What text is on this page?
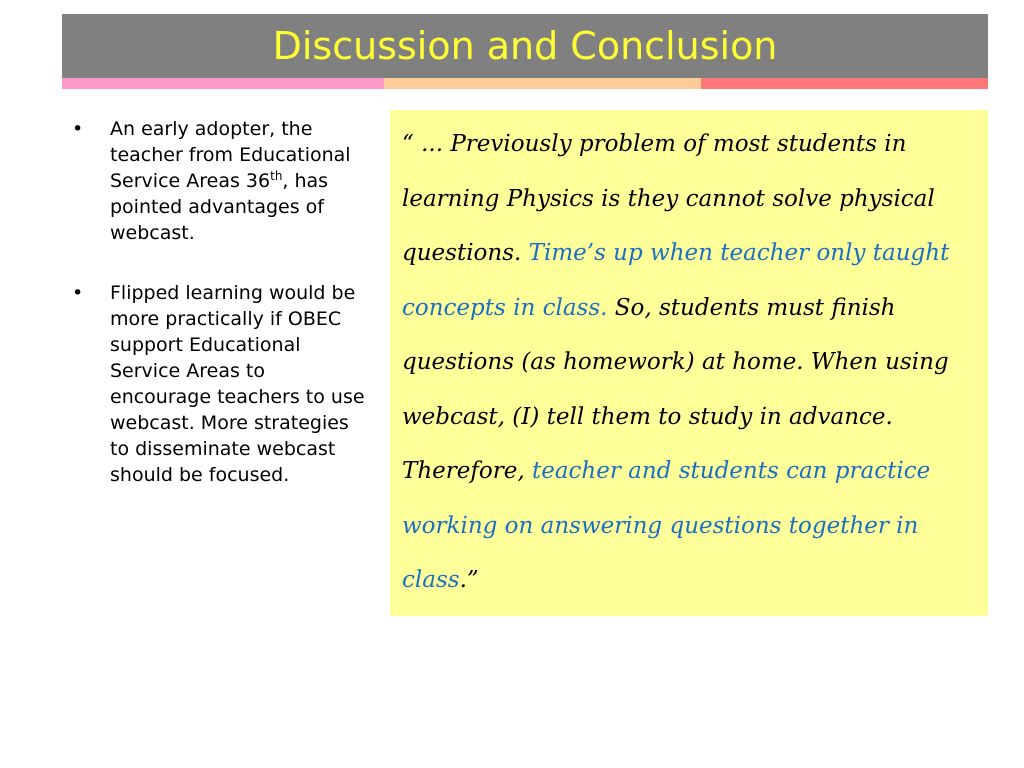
Discussion and Conclusion
• An early adopter, the teacher from Educational Service Areas 36th, has pointed advantages of webcast.
• Flipped learning would be more practically if OBEC support Educational Service Areas to encourage teachers to use webcast. More strategies to disseminate webcast should be focused.

“ ... Previously problem of most students in learning Physics is they cannot solve physical questions. Time’s up when teacher only taught concepts in class. So, students must finish questions (as homework) at home. When using webcast, (I) tell them to study in advance. Therefore, teacher and students can practice working on answering questions together in class.”
